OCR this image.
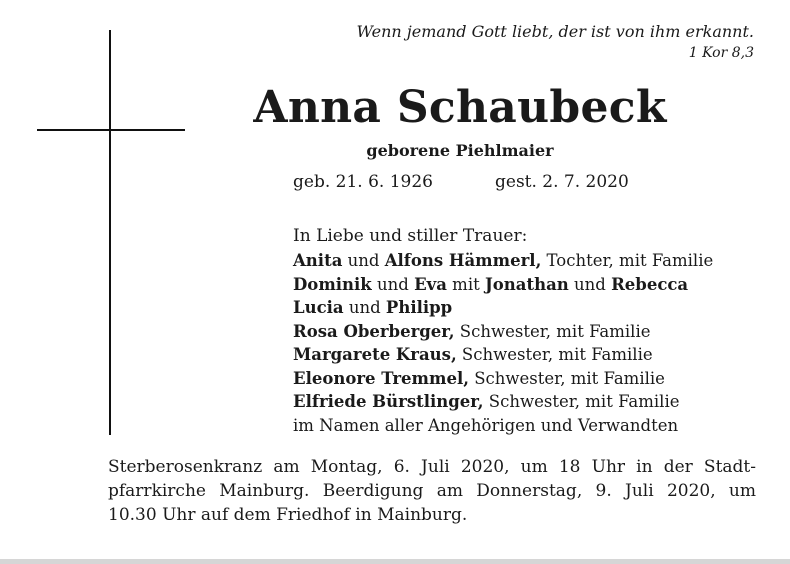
Wenn jemand Gott liebt, der ist von ihm erkannt.
1 Kor 8,3
Anna Schaubeck
geborene Piehlmaier
geb. 21. 6. 1926	gest. 2. 7. 2020
In Liebe und stiller Trauer:
Anita und Alfons Hämmerl, Tochter, mit Familie
Dominik und Eva mit Jonathan und Rebecca
Lucia und Philipp
Rosa Oberberger, Schwester, mit Familie
Margarete Kraus, Schwester, mit Familie
Eleonore Tremmel, Schwester, mit Familie
Elfriede Bürstlinger, Schwester, mit Familie
im Namen aller Angehörigen und Verwandten
Sterberosenkranz am Montag, 6. Juli 2020, um 18 Uhr in der Stadt-
pfarrkirche Mainburg. Beerdigung am Donnerstag, 9. Juli 2020, um
10.30 Uhr auf dem Friedhof in Mainburg.
